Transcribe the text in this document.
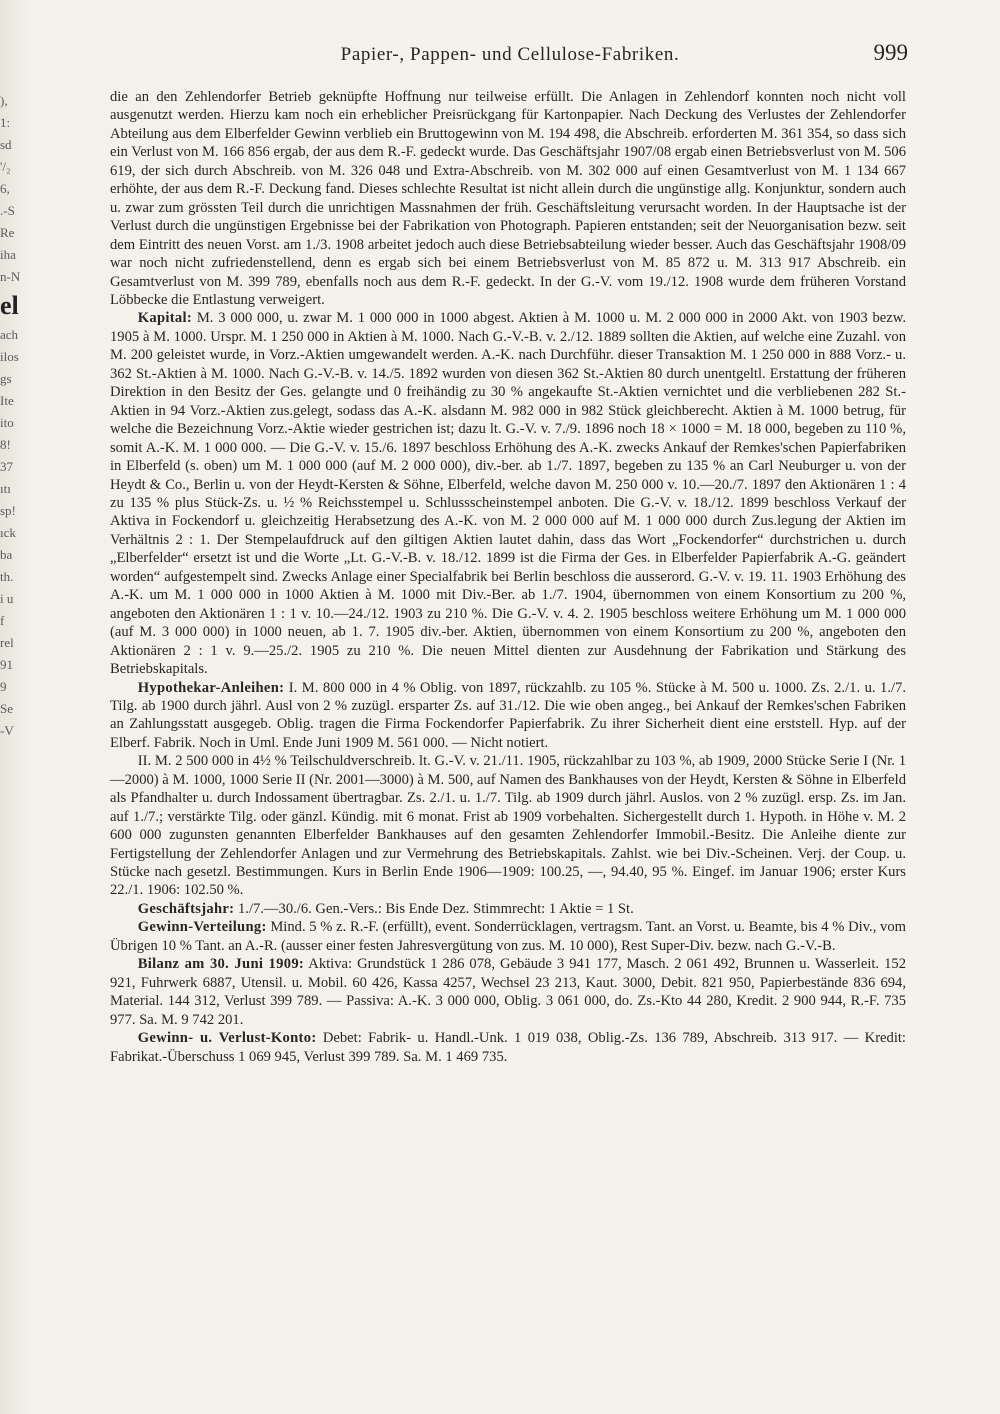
),
1:
sd
'/₂
6,
.-S
Re
iha
n-N
el
ach
ilos
gs
Ite
ito
8!
37
ıtı
sp!
ıck
ba
th.
i u
f
rel
91
9
Se
-V
Papier-, Pappen- und Cellulose-Fabriken.	999

die an den Zehlendorfer Betrieb geknüpfte Hoffnung nur teilweise erfüllt. Die Anlagen in Zehlendorf konnten noch nicht voll ausgenutzt werden. Hierzu kam noch ein erheblicher Preisrückgang für Kartonpapier. Nach Deckung des Verlustes der Zehlendorfer Abteilung aus dem Elberfelder Gewinn verblieb ein Bruttogewinn von M. 194 498, die Abschreib. erforderten M. 361 354, so dass sich ein Verlust von M. 166 856 ergab, der aus dem R.-F. gedeckt wurde. Das Geschäftsjahr 1907/08 ergab einen Betriebsverlust von M. 506 619, der sich durch Abschreib. von M. 326 048 und Extra-Abschreib. von M. 302 000 auf einen Gesamtverlust von M. 1 134 667 erhöhte, der aus dem R.-F. Deckung fand. Dieses schlechte Resultat ist nicht allein durch die ungünstige allg. Konjunktur, sondern auch u. zwar zum grössten Teil durch die unrichtigen Massnahmen der früh. Geschäftsleitung verursacht worden. In der Hauptsache ist der Verlust durch die ungünstigen Ergebnisse bei der Fabrikation von Photograph. Papieren entstanden; seit der Neuorganisation bezw. seit dem Eintritt des neuen Vorst. am 1./3. 1908 arbeitet jedoch auch diese Betriebsabteilung wieder besser. Auch das Geschäftsjahr 1908/09 war noch nicht zufriedenstellend, denn es ergab sich bei einem Betriebsverlust von M. 85 872 u. M. 313 917 Abschreib. ein Gesamtverlust von M. 399 789, ebenfalls noch aus dem R.-F. gedeckt. In der G.-V. vom 19./12. 1908 wurde dem früheren Vorstand Löbbecke die Entlastung verweigert.

Kapital: M. 3 000 000, u. zwar M. 1 000 000 in 1000 abgest. Aktien à M. 1000 u. M. 2 000 000 in 2000 Akt. von 1903 bezw. 1905 à M. 1000. Urspr. M. 1 250 000 in Aktien à M. 1000. Nach G.-V.-B. v. 2./12. 1889 sollten die Aktien, auf welche eine Zuzahl. von M. 200 geleistet wurde, in Vorz.-Aktien umgewandelt werden. A.-K. nach Durchführ. dieser Transaktion M. 1 250 000 in 888 Vorz.- u. 362 St.-Aktien à M. 1000. Nach G.-V.-B. v. 14./5. 1892 wurden von diesen 362 St.-Aktien 80 durch unentgeltl. Erstattung der früheren Direktion in den Besitz der Ges. gelangte und 0 freihändig zu 30 % angekaufte St.-Aktien vernichtet und die verbliebenen 282 St.-Aktien in 94 Vorz.-Aktien zus.gelegt, sodass das A.-K. alsdann M. 982 000 in 982 Stück gleichberecht. Aktien à M. 1000 betrug, für welche die Bezeichnung Vorz.-Aktie wieder gestrichen ist; dazu lt. G.-V. v. 7./9. 1896 noch 18 × 1000 = M. 18 000, begeben zu 110 %, somit A.-K. M. 1 000 000. — Die G.-V. v. 15./6. 1897 beschloss Erhöhung des A.-K. zwecks Ankauf der Remkes'schen Papierfabriken in Elberfeld (s. oben) um M. 1 000 000 (auf M. 2 000 000), div.-ber. ab 1./7. 1897, begeben zu 135 % an Carl Neuburger u. von der Heydt & Co., Berlin u. von der Heydt-Kersten & Söhne, Elberfeld, welche davon M. 250 000 v. 10.—20./7. 1897 den Aktionären 1 : 4 zu 135 % plus Stück-Zs. u. ½ % Reichsstempel u. Schlussscheinstempel anboten. Die G.-V. v. 18./12. 1899 beschloss Verkauf der Aktiva in Fockendorf u. gleichzeitig Herabsetzung des A.-K. von M. 2 000 000 auf M. 1 000 000 durch Zus.legung der Aktien im Verhältnis 2 : 1. Der Stempelaufdruck auf den giltigen Aktien lautet dahin, dass das Wort „Fockendorfer“ durchstrichen u. durch „Elberfelder“ ersetzt ist und die Worte „Lt. G.-V.-B. v. 18./12. 1899 ist die Firma der Ges. in Elberfelder Papierfabrik A.-G. geändert worden“ aufgestempelt sind. Zwecks Anlage einer Specialfabrik bei Berlin beschloss die ausserord. G.-V. v. 19. 11. 1903 Erhöhung des A.-K. um M. 1 000 000 in 1000 Aktien à M. 1000 mit Div.-Ber. ab 1./7. 1904, übernommen von einem Konsortium zu 200 %, angeboten den Aktionären 1 : 1 v. 10.—24./12. 1903 zu 210 %. Die G.-V. v. 4. 2. 1905 beschloss weitere Erhöhung um M. 1 000 000 (auf M. 3 000 000) in 1000 neuen, ab 1. 7. 1905 div.-ber. Aktien, übernommen von einem Konsortium zu 200 %, angeboten den Aktionären 2 : 1 v. 9.—25./2. 1905 zu 210 %. Die neuen Mittel dienten zur Ausdehnung der Fabrikation und Stärkung des Betriebskapitals.

Hypothekar-Anleihen: I. M. 800 000 in 4 % Oblig. von 1897, rückzahlb. zu 105 %. Stücke à M. 500 u. 1000. Zs. 2./1. u. 1./7. Tilg. ab 1900 durch jährl. Ausl von 2 % zuzügl. ersparter Zs. auf 31./12. Die wie oben angeg., bei Ankauf der Remkes'schen Fabriken an Zahlungsstatt ausgegeb. Oblig. tragen die Firma Fockendorfer Papierfabrik. Zu ihrer Sicherheit dient eine erststell. Hyp. auf der Elberf. Fabrik. Noch in Uml. Ende Juni 1909 M. 561 000. — Nicht notiert.

II. M. 2 500 000 in 4½ % Teilschuldverschreib. lt. G.-V. v. 21./11. 1905, rückzahlbar zu 103 %, ab 1909, 2000 Stücke Serie I (Nr. 1—2000) à M. 1000, 1000 Serie II (Nr. 2001—3000) à M. 500, auf Namen des Bankhauses von der Heydt, Kersten & Söhne in Elberfeld als Pfandhalter u. durch Indossament übertragbar. Zs. 2./1. u. 1./7. Tilg. ab 1909 durch jährl. Auslos. von 2 % zuzügl. ersp. Zs. im Jan. auf 1./7.; verstärkte Tilg. oder gänzl. Kündig. mit 6 monat. Frist ab 1909 vorbehalten. Sichergestellt durch 1. Hypoth. in Höhe v. M. 2 600 000 zugunsten genannten Elberfelder Bankhauses auf den gesamten Zehlendorfer Immobil.-Besitz. Die Anleihe diente zur Fertigstellung der Zehlendorfer Anlagen und zur Vermehrung des Betriebskapitals. Zahlst. wie bei Div.-Scheinen. Verj. der Coup. u. Stücke nach gesetzl. Bestimmungen. Kurs in Berlin Ende 1906—1909: 100.25, —, 94.40, 95 %. Eingef. im Januar 1906; erster Kurs 22./1. 1906: 102.50 %.

Geschäftsjahr: 1./7.—30./6. Gen.-Vers.: Bis Ende Dez. Stimmrecht: 1 Aktie = 1 St.

Gewinn-Verteilung: Mind. 5 % z. R.-F. (erfüllt), event. Sonderrücklagen, vertragsm. Tant. an Vorst. u. Beamte, bis 4 % Div., vom Übrigen 10 % Tant. an A.-R. (ausser einer festen Jahresvergütung von zus. M. 10 000), Rest Super-Div. bezw. nach G.-V.-B.

Bilanz am 30. Juni 1909: Aktiva: Grundstück 1 286 078, Gebäude 3 941 177, Masch. 2 061 492, Brunnen u. Wasserleit. 152 921, Fuhrwerk 6887, Utensil. u. Mobil. 60 426, Kassa 4257, Wechsel 23 213, Kaut. 3000, Debit. 821 950, Papierbestände 836 694, Material. 144 312, Verlust 399 789. — Passiva: A.-K. 3 000 000, Oblig. 3 061 000, do. Zs.-Kto 44 280, Kredit. 2 900 944, R.-F. 735 977. Sa. M. 9 742 201.

Gewinn- u. Verlust-Konto: Debet: Fabrik- u. Handl.-Unk. 1 019 038, Oblig.-Zs. 136 789, Abschreib. 313 917. — Kredit: Fabrikat.-Überschuss 1 069 945, Verlust 399 789. Sa. M. 1 469 735.
